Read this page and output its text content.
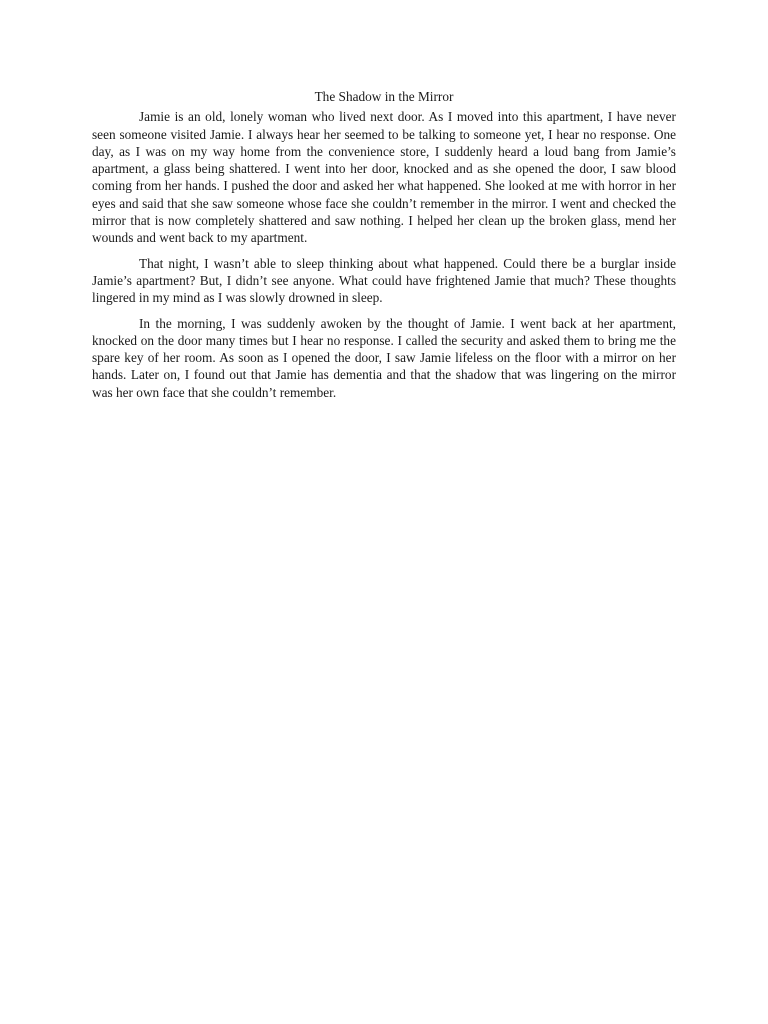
The Shadow in the Mirror

Jamie is an old, lonely woman who lived next door. As I moved into this apartment, I have never seen someone visited Jamie. I always hear her seemed to be talking to someone yet, I hear no response. One day, as I was on my way home from the convenience store, I suddenly heard a loud bang from Jamie’s apartment, a glass being shattered. I went into her door, knocked and as she opened the door, I saw blood coming from her hands. I pushed the door and asked her what happened. She looked at me with horror in her eyes and said that she saw someone whose face she couldn’t remember in the mirror. I went and checked the mirror that is now completely shattered and saw nothing. I helped her clean up the broken glass, mend her wounds and went back to my apartment.

That night, I wasn’t able to sleep thinking about what happened. Could there be a burglar inside Jamie’s apartment? But, I didn’t see anyone. What could have frightened Jamie that much? These thoughts lingered in my mind as I was slowly drowned in sleep.

In the morning, I was suddenly awoken by the thought of Jamie. I went back at her apartment, knocked on the door many times but I hear no response. I called the security and asked them to bring me the spare key of her room. As soon as I opened the door, I saw Jamie lifeless on the floor with a mirror on her hands. Later on, I found out that Jamie has dementia and that the shadow that was lingering on the mirror was her own face that she couldn’t remember.
